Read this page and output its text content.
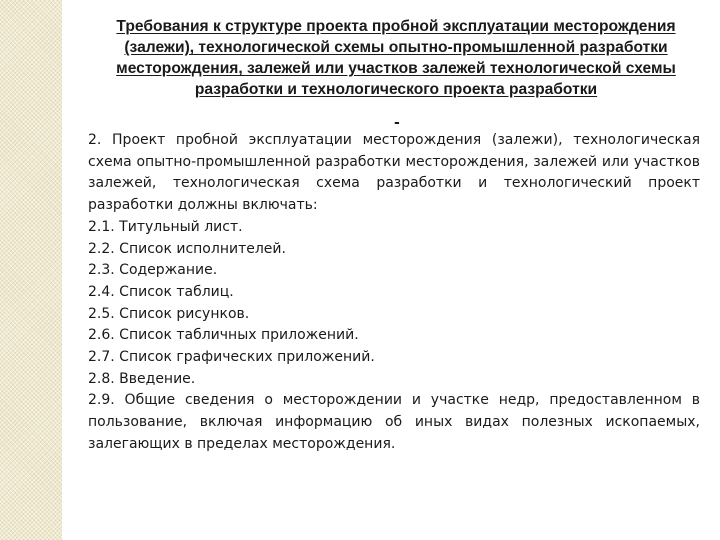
Требования к структуре проекта пробной эксплуатации месторождения (залежи), технологической схемы опытно-промышленной разработки месторождения, залежей или участков залежей технологической схемы разработки и технологического проекта разработки
-

2. Проект пробной эксплуатации месторождения (залежи), технологическая схема опытно-промышленной разработки месторождения, залежей или участков залежей, технологическая схема разработки и технологический проект разработки должны включать:

2.1. Титульный лист.

2.2. Список исполнителей.

2.3. Содержание.

2.4. Список таблиц.

2.5. Список рисунков.

2.6. Список табличных приложений.

2.7. Список графических приложений.

2.8. Введение.

2.9. Общие сведения о месторождении и участке недр, предоставленном в пользование, включая информацию об иных видах полезных ископаемых, залегающих в пределах месторождения.
